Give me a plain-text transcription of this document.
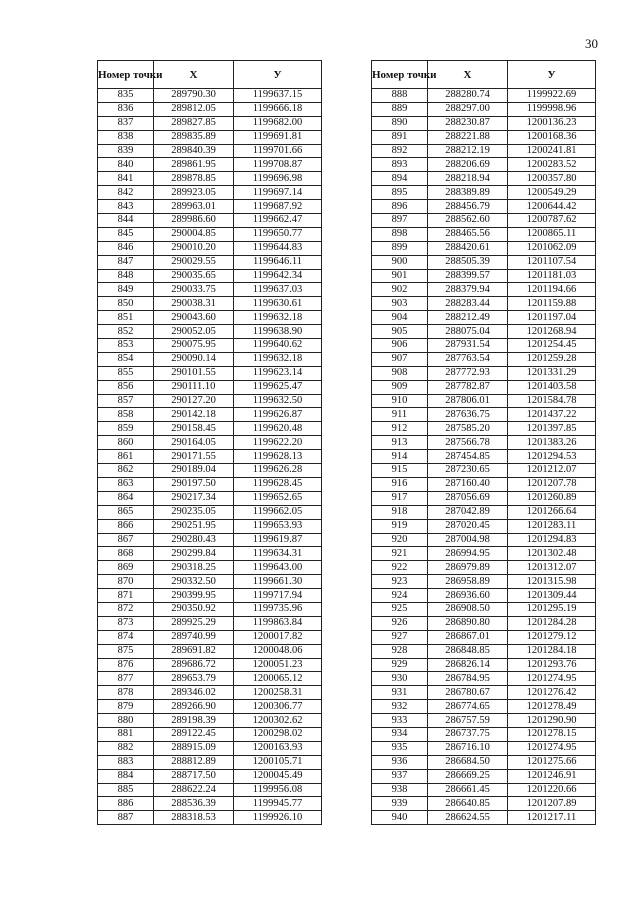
30
Номер точки	X	У
835	289790.30	1199637.15
836	289812.05	1199666.18
837	289827.85	1199682.00
838	289835.89	1199691.81
839	289840.39	1199701.66
840	289861.95	1199708.87
841	289878.85	1199696.98
842	289923.05	1199697.14
843	289963.01	1199687.92
844	289986.60	1199662.47
845	290004.85	1199650.77
846	290010.20	1199644.83
847	290029.55	1199646.11
848	290035.65	1199642.34
849	290033.75	1199637.03
850	290038.31	1199630.61
851	290043.60	1199632.18
852	290052.05	1199638.90
853	290075.95	1199640.62
854	290090.14	1199632.18
855	290101.55	1199623.14
856	290111.10	1199625.47
857	290127.20	1199632.50
858	290142.18	1199626.87
859	290158.45	1199620.48
860	290164.05	1199622.20
861	290171.55	1199628.13
862	290189.04	1199626.28
863	290197.50	1199628.45
864	290217.34	1199652.65
865	290235.05	1199662.05
866	290251.95	1199653.93
867	290280.43	1199619.87
868	290299.84	1199634.31
869	290318.25	1199643.00
870	290332.50	1199661.30
871	290399.95	1199717.94
872	290350.92	1199735.96
873	289925.29	1199863.84
874	289740.99	1200017.82
875	289691.82	1200048.06
876	289686.72	1200051.23
877	289653.79	1200065.12
878	289346.02	1200258.31
879	289266.90	1200306.77
880	289198.39	1200302.62
881	289122.45	1200298.02
882	288915.09	1200163.93
883	288812.89	1200105.71
884	288717.50	1200045.49
885	288622.24	1199956.08
886	288536.39	1199945.77
887	288318.53	1199926.10
Номер точки	X	У
888	288280.74	1199922.69
889	288297.00	1199998.96
890	288230.87	1200136.23
891	288221.88	1200168.36
892	288212.19	1200241.81
893	288206.69	1200283.52
894	288218.94	1200357.80
895	288389.89	1200549.29
896	288456.79	1200644.42
897	288562.60	1200787.62
898	288465.56	1200865.11
899	288420.61	1201062.09
900	288505.39	1201107.54
901	288399.57	1201181.03
902	288379.94	1201194.66
903	288283.44	1201159.88
904	288212.49	1201197.04
905	288075.04	1201268.94
906	287931.54	1201254.45
907	287763.54	1201259.28
908	287772.93	1201331.29
909	287782.87	1201403.58
910	287806.01	1201584.78
911	287636.75	1201437.22
912	287585.20	1201397.85
913	287566.78	1201383.26
914	287454.85	1201294.53
915	287230.65	1201212.07
916	287160.40	1201207.78
917	287056.69	1201260.89
918	287042.89	1201266.64
919	287020.45	1201283.11
920	287004.98	1201294.83
921	286994.95	1201302.48
922	286979.89	1201312.07
923	286958.89	1201315.98
924	286936.60	1201309.44
925	286908.50	1201295.19
926	286890.80	1201284.28
927	286867.01	1201279.12
928	286848.85	1201284.18
929	286826.14	1201293.76
930	286784.95	1201274.95
931	286780.67	1201276.42
932	286774.65	1201278.49
933	286757.59	1201290.90
934	286737.75	1201278.15
935	286716.10	1201274.95
936	286684.50	1201275.66
937	286669.25	1201246.91
938	286661.45	1201220.66
939	286640.85	1201207.89
940	286624.55	1201217.11
